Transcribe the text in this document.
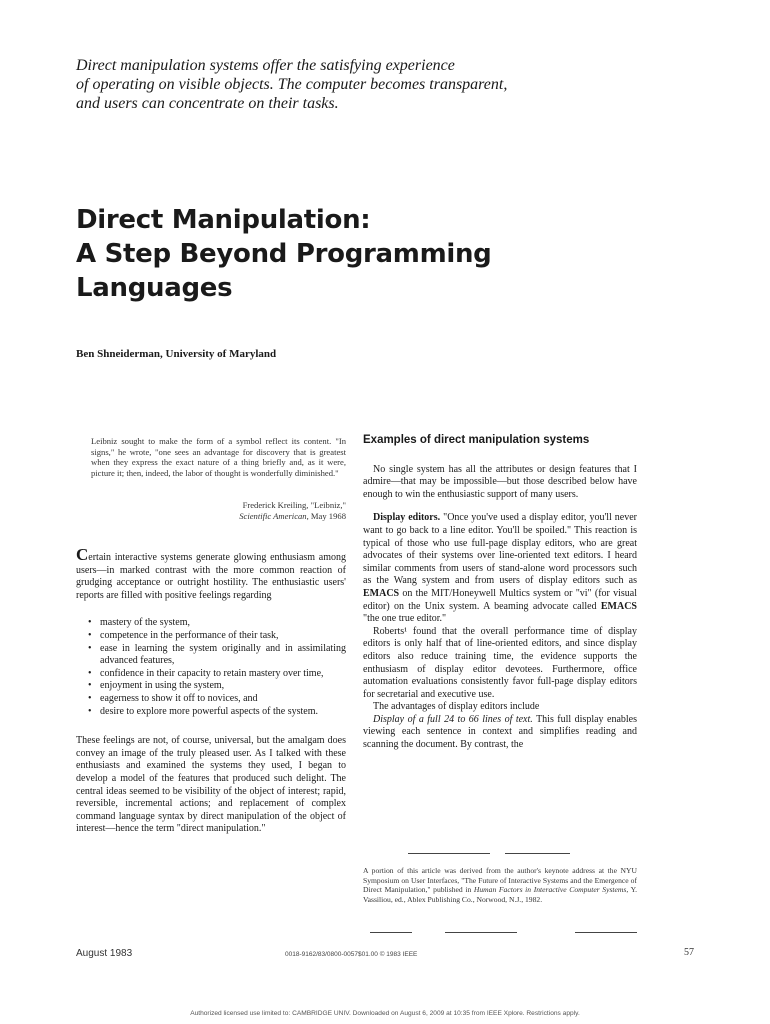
Direct manipulation systems offer the satisfying experience
of operating on visible objects. The computer becomes transparent,
and users can concentrate on their tasks.
Direct Manipulation:
A Step Beyond Programming
Languages
Ben Shneiderman, University of Maryland
Leibniz sought to make the form of a symbol reflect its content. "In signs," he wrote, "one sees an advantage for discovery that is greatest when they express the exact nature of a thing briefly and, as it were, picture it; then, indeed, the labor of thought is wonderfully diminished."
Frederick Kreiling, "Leibniz,"
Scientific American, May 1968

Certain interactive systems generate glowing enthusiasm among users—in marked contrast with the more common reaction of grudging acceptance or outright hostility. The enthusiastic users' reports are filled with positive feelings regarding

• mastery of the system,
• competence in the performance of their task,
• ease in learning the system originally and in assimilating advanced features,
• confidence in their capacity to retain mastery over time,
• enjoyment in using the system,
• eagerness to show it off to novices, and
• desire to explore more powerful aspects of the system.

These feelings are not, of course, universal, but the amalgam does convey an image of the truly pleased user. As I talked with these enthusiasts and examined the systems they used, I began to develop a model of the features that produced such delight. The central ideas seemed to be visibility of the object of interest; rapid, reversible, incremental actions; and replacement of complex command language syntax by direct manipulation of the object of interest—hence the term "direct manipulation."

Examples of direct manipulation systems

No single system has all the attributes or design features that I admire—that may be impossible—but those described below have enough to win the enthusiastic support of many users.

Display editors. "Once you've used a display editor, you'll never want to go back to a line editor. You'll be spoiled." This reaction is typical of those who use full-page display editors, who are great advocates of their systems over line-oriented text editors. I heard similar comments from users of stand-alone word processors such as the Wang system and from users of display editors such as EMACS on the MIT/Honeywell Multics system or "vi" (for visual editor) on the Unix system. A beaming advocate called EMACS "the one true editor."

Roberts¹ found that the overall performance time of display editors is only half that of line-oriented editors, and since display editors also reduce training time, the evidence supports the enthusiasm of display editor devotees. Furthermore, office automation evaluations consistently favor full-page display editors for secretarial and executive use.

The advantages of display editors include

Display of a full 24 to 66 lines of text. This full display enables viewing each sentence in context and simplifies reading and scanning the document. By contrast, the

A portion of this article was derived from the author's keynote address at the NYU Symposium on User Interfaces, "The Future of Interactive Systems and the Emergence of Direct Manipulation," published in Human Factors in Interactive Computer Systems, Y. Vassiliou, ed., Ablex Publishing Co., Norwood, N.J., 1982.
August 1983	0018-9162/83/0800-0057$01.00 © 1983 IEEE	57
Authorized licensed use limited to: CAMBRIDGE UNIV. Downloaded on August 6, 2009 at 10:35 from IEEE Xplore. Restrictions apply.
